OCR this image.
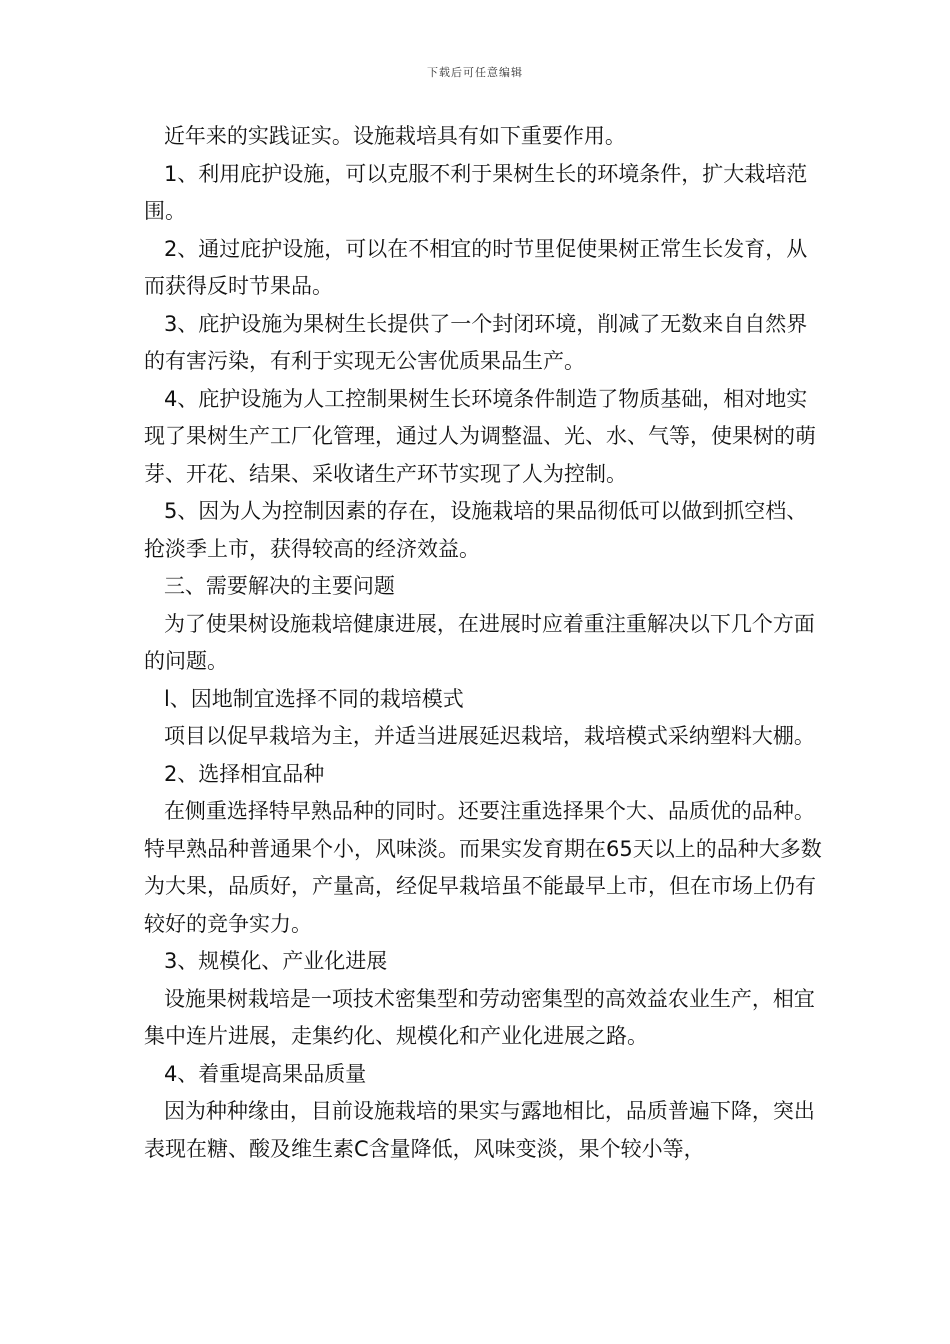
下载后可任意编辑

近年来的实践证实。设施栽培具有如下重要作用。

1、利用庇护设施，可以克服不利于果树生长的环境条件，扩大栽培范围。

2、通过庇护设施，可以在不相宜的时节里促使果树正常生长发育，从而获得反时节果品。

3、庇护设施为果树生长提供了一个封闭环境，削减了无数来自自然界的有害污染，有利于实现无公害优质果品生产。

4、庇护设施为人工控制果树生长环境条件制造了物质基础，相对地实现了果树生产工厂化管理，通过人为调整温、光、水、气等，使果树的萌芽、开花、结果、采收诸生产环节实现了人为控制。

5、因为人为控制因素的存在，设施栽培的果品彻低可以做到抓空档、抢淡季上市，获得较高的经济效益。

三、需要解决的主要问题

为了使果树设施栽培健康进展，在进展时应着重注重解决以下几个方面的问题。

l、因地制宜选择不同的栽培模式

项目以促早栽培为主，并适当进展延迟栽培，栽培模式采纳塑料大棚。

2、选择相宜品种

在侧重选择特早熟品种的同时。还要注重选择果个大、品质优的品种。特早熟品种普通果个小，风味淡。而果实发育期在65天以上的品种大多数为大果，品质好，产量高，经促早栽培虽不能最早上市，但在市场上仍有较好的竞争实力。

3、规模化、产业化进展

设施果树栽培是一项技术密集型和劳动密集型的高效益农业生产，相宜集中连片进展，走集约化、规模化和产业化进展之路。

4、着重堤高果品质量

因为种种缘由，目前设施栽培的果实与露地相比，品质普遍下降，突出表现在糖、酸及维生素C含量降低，风味变淡，果个较小等，
